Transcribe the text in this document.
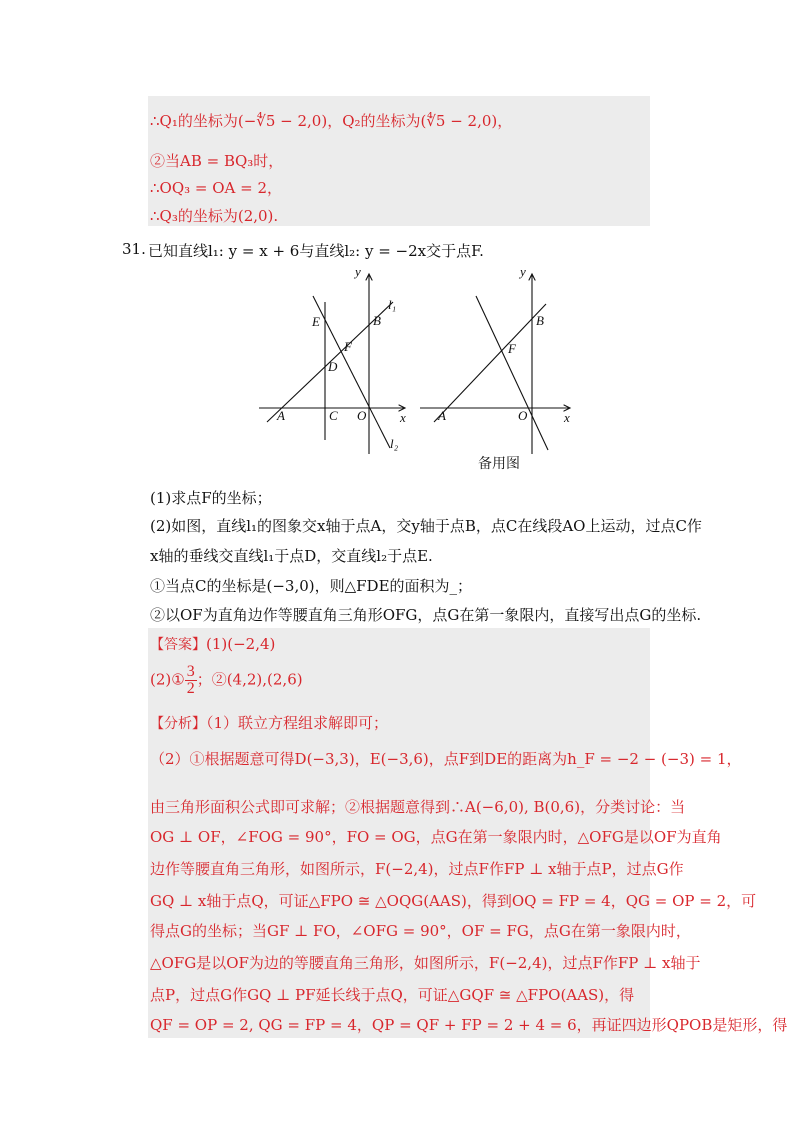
∴Q₁的坐标为(−∜5 − 2,0)，Q₂的坐标为(∜5 − 2,0)，
②当AB = BQ₃时，
∴OQ₃ = OA = 2，
∴Q₃的坐标为(2,0).
31. 已知直线l₁: y = x + 6与直线l₂: y = −2x交于点F.
y
x
l₁
l₂
E	B
F
D
A	C O
y
x
B
F
A	O
备用图
(1)求点F的坐标；
(2)如图，直线l₁的图象交x轴于点A，交y轴于点B，点C在线段AO上运动，过点C作
x轴的垂线交直线l₁于点D，交直线l₂于点E.
①当点C的坐标是(−3,0)，则△FDE的面积为_；
②以OF为直角边作等腰直角三角形OFG，点G在第一象限内，直接写出点G的坐标.
【答案】(1)(−2,4)
(2)① $\frac{3}{2}$ ；②(4,2),(2,6)
【分析】（1）联立方程组求解即可；
（2）①根据题意可得D(−3,3)，E(−3,6)，点F到DE的距离为h_F = −2 − (−3) = 1，
由三角形面积公式即可求解；②根据题意得到∴A(−6,0), B(0,6)，分类讨论：当
OG ⊥ OF，∠FOG = 90°，FO = OG，点G在第一象限内时，△OFG是以OF为直角
边作等腰直角三角形，如图所示，F(−2,4)，过点F作FP ⊥ x轴于点P，过点G作
GQ ⊥ x轴于点Q，可证△FPO ≅ △OQG(AAS)，得到OQ = FP = 4，QG = OP = 2，可
得点G的坐标；当GF ⊥ FO，∠OFG = 90°，OF = FG，点G在第一象限内时，
△OFG是以OF为边的等腰直角三角形，如图所示，F(−2,4)，过点F作FP ⊥ x轴于
点P，过点G作GQ ⊥ PF延长线于点Q，可证△GQF ≅ △FPO(AAS)，得
QF = OP = 2, QG = FP = 4，QP = QF + FP = 2 + 4 = 6，再证四边形QPOB是矩形，得
